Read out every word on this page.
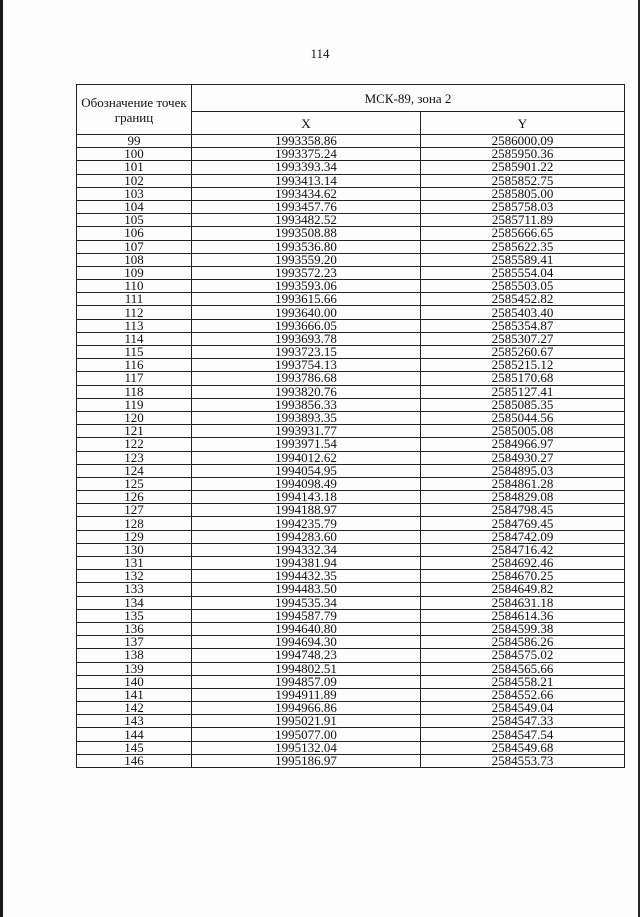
114
Обозначение точек границ	МСК-89, зона 2	
	X	Y
99	1993358.86	2586000.09
100	1993375.24	2585950.36
101	1993393.34	2585901.22
102	1993413.14	2585852.75
103	1993434.62	2585805.00
104	1993457.76	2585758.03
105	1993482.52	2585711.89
106	1993508.88	2585666.65
107	1993536.80	2585622.35
108	1993559.20	2585589.41
109	1993572.23	2585554.04
110	1993593.06	2585503.05
111	1993615.66	2585452.82
112	1993640.00	2585403.40
113	1993666.05	2585354.87
114	1993693.78	2585307.27
115	1993723.15	2585260.67
116	1993754.13	2585215.12
117	1993786.68	2585170.68
118	1993820.76	2585127.41
119	1993856.33	2585085.35
120	1993893.35	2585044.56
121	1993931.77	2585005.08
122	1993971.54	2584966.97
123	1994012.62	2584930.27
124	1994054.95	2584895.03
125	1994098.49	2584861.28
126	1994143.18	2584829.08
127	1994188.97	2584798.45
128	1994235.79	2584769.45
129	1994283.60	2584742.09
130	1994332.34	2584716.42
131	1994381.94	2584692.46
132	1994432.35	2584670.25
133	1994483.50	2584649.82
134	1994535.34	2584631.18
135	1994587.79	2584614.36
136	1994640.80	2584599.38
137	1994694.30	2584586.26
138	1994748.23	2584575.02
139	1994802.51	2584565.66
140	1994857.09	2584558.21
141	1994911.89	2584552.66
142	1994966.86	2584549.04
143	1995021.91	2584547.33
144	1995077.00	2584547.54
145	1995132.04	2584549.68
146	1995186.97	2584553.73
